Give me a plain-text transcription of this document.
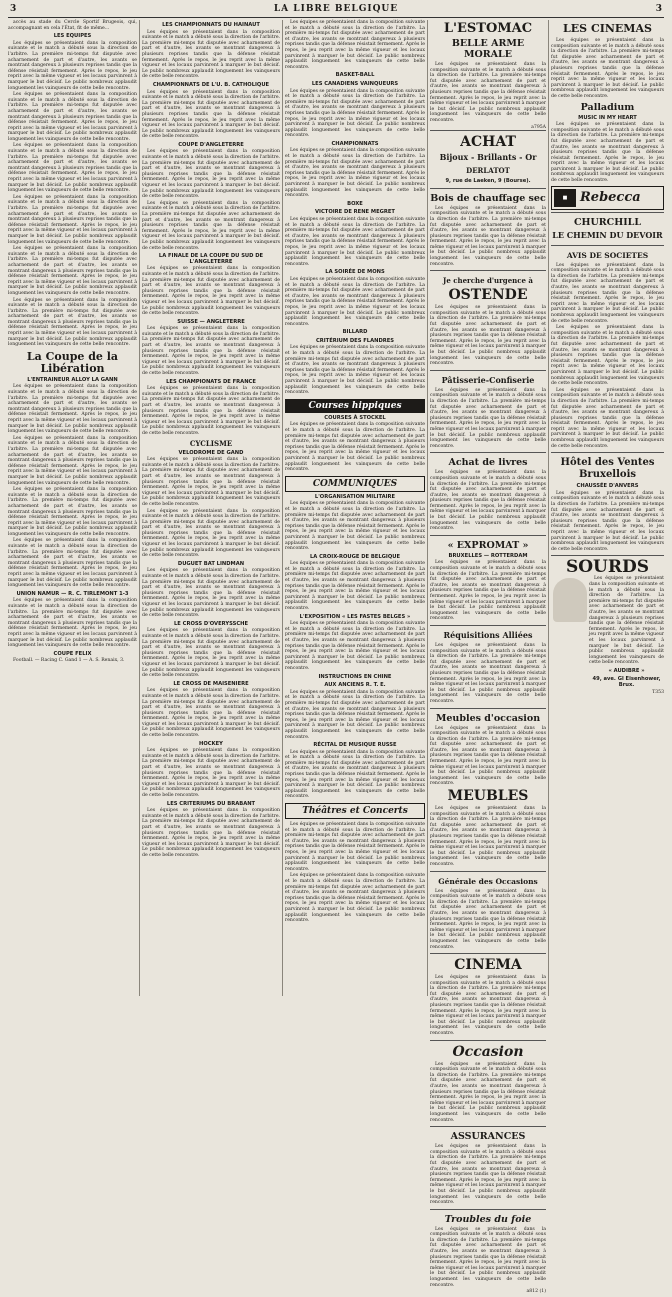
3	LA LIBRE BELGIQUE	3

accès au stade du Cercle Sportif Brugeois, qui, accompagnant en cela l'État, fit de même...

LES EQUIPES

Les équipes se présentaient dans la composition suivante et le match a débuté sous la direction de l'arbitre. La première mi-temps fut disputée avec acharnement de part et d'autre, les avants se montrant dangereux à plusieurs reprises tandis que la défense résistait fermement. Après le repos, le jeu reprit avec la même vigueur et les locaux parvinrent à marquer le but décisif. Le public nombreux applaudit longuement les vainqueurs de cette belle rencontre.

Les équipes se présentaient dans la composition suivante et le match a débuté sous la direction de l'arbitre. La première mi-temps fut disputée avec acharnement de part et d'autre, les avants se montrant dangereux à plusieurs reprises tandis que la défense résistait fermement. Après le repos, le jeu reprit avec la même vigueur et les locaux parvinrent à marquer le but décisif. Le public nombreux applaudit longuement les vainqueurs de cette belle rencontre.

Les équipes se présentaient dans la composition suivante et le match a débuté sous la direction de l'arbitre. La première mi-temps fut disputée avec acharnement de part et d'autre, les avants se montrant dangereux à plusieurs reprises tandis que la défense résistait fermement. Après le repos, le jeu reprit avec la même vigueur et les locaux parvinrent à marquer le but décisif. Le public nombreux applaudit longuement les vainqueurs de cette belle rencontre.

Les équipes se présentaient dans la composition suivante et le match a débuté sous la direction de l'arbitre. La première mi-temps fut disputée avec acharnement de part et d'autre, les avants se montrant dangereux à plusieurs reprises tandis que la défense résistait fermement. Après le repos, le jeu reprit avec la même vigueur et les locaux parvinrent à marquer le but décisif. Le public nombreux applaudit longuement les vainqueurs de cette belle rencontre.

Les équipes se présentaient dans la composition suivante et le match a débuté sous la direction de l'arbitre. La première mi-temps fut disputée avec acharnement de part et d'autre, les avants se montrant dangereux à plusieurs reprises tandis que la défense résistait fermement. Après le repos, le jeu reprit avec la même vigueur et les locaux parvinrent à marquer le but décisif. Le public nombreux applaudit longuement les vainqueurs de cette belle rencontre.

Les équipes se présentaient dans la composition suivante et le match a débuté sous la direction de l'arbitre. La première mi-temps fut disputée avec acharnement de part et d'autre, les avants se montrant dangereux à plusieurs reprises tandis que la défense résistait fermement. Après le repos, le jeu reprit avec la même vigueur et les locaux parvinrent à marquer le but décisif. Le public nombreux applaudit longuement les vainqueurs de cette belle rencontre.

La Coupe de la Libération
L'ENTRAINEUR ALLOY LA GANN

Les équipes se présentaient dans la composition suivante et le match a débuté sous la direction de l'arbitre. La première mi-temps fut disputée avec acharnement de part et d'autre, les avants se montrant dangereux à plusieurs reprises tandis que la défense résistait fermement. Après le repos, le jeu reprit avec la même vigueur et les locaux parvinrent à marquer le but décisif. Le public nombreux applaudit longuement les vainqueurs de cette belle rencontre.

Les équipes se présentaient dans la composition suivante et le match a débuté sous la direction de l'arbitre. La première mi-temps fut disputée avec acharnement de part et d'autre, les avants se montrant dangereux à plusieurs reprises tandis que la défense résistait fermement. Après le repos, le jeu reprit avec la même vigueur et les locaux parvinrent à marquer le but décisif. Le public nombreux applaudit longuement les vainqueurs de cette belle rencontre.

Les équipes se présentaient dans la composition suivante et le match a débuté sous la direction de l'arbitre. La première mi-temps fut disputée avec acharnement de part et d'autre, les avants se montrant dangereux à plusieurs reprises tandis que la défense résistait fermement. Après le repos, le jeu reprit avec la même vigueur et les locaux parvinrent à marquer le but décisif. Le public nombreux applaudit longuement les vainqueurs de cette belle rencontre.

Les équipes se présentaient dans la composition suivante et le match a débuté sous la direction de l'arbitre. La première mi-temps fut disputée avec acharnement de part et d'autre, les avants se montrant dangereux à plusieurs reprises tandis que la défense résistait fermement. Après le repos, le jeu reprit avec la même vigueur et les locaux parvinrent à marquer le but décisif. Le public nombreux applaudit longuement les vainqueurs de cette belle rencontre.

UNION NAMUR — R. C. TIRLEMONT 1-3

Les équipes se présentaient dans la composition suivante et le match a débuté sous la direction de l'arbitre. La première mi-temps fut disputée avec acharnement de part et d'autre, les avants se montrant dangereux à plusieurs reprises tandis que la défense résistait fermement. Après le repos, le jeu reprit avec la même vigueur et les locaux parvinrent à marquer le but décisif. Le public nombreux applaudit longuement les vainqueurs de cette belle rencontre.

COUPE FELIX

Football. — Racing C. Gand 1 — A. S. Renaix, 3.

LES CHAMPIONNATS DU HAINAUT

Les équipes se présentaient dans la composition suivante et le match a débuté sous la direction de l'arbitre. La première mi-temps fut disputée avec acharnement de part et d'autre, les avants se montrant dangereux à plusieurs reprises tandis que la défense résistait fermement. Après le repos, le jeu reprit avec la même vigueur et les locaux parvinrent à marquer le but décisif. Le public nombreux applaudit longuement les vainqueurs de cette belle rencontre.

CHAMPIONNATS DE L'U. B. CATHOLIQUE

Les équipes se présentaient dans la composition suivante et le match a débuté sous la direction de l'arbitre. La première mi-temps fut disputée avec acharnement de part et d'autre, les avants se montrant dangereux à plusieurs reprises tandis que la défense résistait fermement. Après le repos, le jeu reprit avec la même vigueur et les locaux parvinrent à marquer le but décisif. Le public nombreux applaudit longuement les vainqueurs de cette belle rencontre.

COUPE D'ANGLETERRE

Les équipes se présentaient dans la composition suivante et le match a débuté sous la direction de l'arbitre. La première mi-temps fut disputée avec acharnement de part et d'autre, les avants se montrant dangereux à plusieurs reprises tandis que la défense résistait fermement. Après le repos, le jeu reprit avec la même vigueur et les locaux parvinrent à marquer le but décisif. Le public nombreux applaudit longuement les vainqueurs de cette belle rencontre.

Les équipes se présentaient dans la composition suivante et le match a débuté sous la direction de l'arbitre. La première mi-temps fut disputée avec acharnement de part et d'autre, les avants se montrant dangereux à plusieurs reprises tandis que la défense résistait fermement. Après le repos, le jeu reprit avec la même vigueur et les locaux parvinrent à marquer le but décisif. Le public nombreux applaudit longuement les vainqueurs de cette belle rencontre.

LA FINALE DE LA COUPE DU SUD DE L'ANGLETERRE

Les équipes se présentaient dans la composition suivante et le match a débuté sous la direction de l'arbitre. La première mi-temps fut disputée avec acharnement de part et d'autre, les avants se montrant dangereux à plusieurs reprises tandis que la défense résistait fermement. Après le repos, le jeu reprit avec la même vigueur et les locaux parvinrent à marquer le but décisif. Le public nombreux applaudit longuement les vainqueurs de cette belle rencontre.

SUISSE — ANGLETERRE

Les équipes se présentaient dans la composition suivante et le match a débuté sous la direction de l'arbitre. La première mi-temps fut disputée avec acharnement de part et d'autre, les avants se montrant dangereux à plusieurs reprises tandis que la défense résistait fermement. Après le repos, le jeu reprit avec la même vigueur et les locaux parvinrent à marquer le but décisif. Le public nombreux applaudit longuement les vainqueurs de cette belle rencontre.

LES CHAMPIONATS DE FRANCE

Les équipes se présentaient dans la composition suivante et le match a débuté sous la direction de l'arbitre. La première mi-temps fut disputée avec acharnement de part et d'autre, les avants se montrant dangereux à plusieurs reprises tandis que la défense résistait fermement. Après le repos, le jeu reprit avec la même vigueur et les locaux parvinrent à marquer le but décisif. Le public nombreux applaudit longuement les vainqueurs de cette belle rencontre.

CYCLISME
VELODROME DE GAND

Les équipes se présentaient dans la composition suivante et le match a débuté sous la direction de l'arbitre. La première mi-temps fut disputée avec acharnement de part et d'autre, les avants se montrant dangereux à plusieurs reprises tandis que la défense résistait fermement. Après le repos, le jeu reprit avec la même vigueur et les locaux parvinrent à marquer le but décisif. Le public nombreux applaudit longuement les vainqueurs de cette belle rencontre.

Les équipes se présentaient dans la composition suivante et le match a débuté sous la direction de l'arbitre. La première mi-temps fut disputée avec acharnement de part et d'autre, les avants se montrant dangereux à plusieurs reprises tandis que la défense résistait fermement. Après le repos, le jeu reprit avec la même vigueur et les locaux parvinrent à marquer le but décisif. Le public nombreux applaudit longuement les vainqueurs de cette belle rencontre.

DUGUET BAT LINDMAN

Les équipes se présentaient dans la composition suivante et le match a débuté sous la direction de l'arbitre. La première mi-temps fut disputée avec acharnement de part et d'autre, les avants se montrant dangereux à plusieurs reprises tandis que la défense résistait fermement. Après le repos, le jeu reprit avec la même vigueur et les locaux parvinrent à marquer le but décisif. Le public nombreux applaudit longuement les vainqueurs de cette belle rencontre.

LE CROSS D'OVERYSSCHE

Les équipes se présentaient dans la composition suivante et le match a débuté sous la direction de l'arbitre. La première mi-temps fut disputée avec acharnement de part et d'autre, les avants se montrant dangereux à plusieurs reprises tandis que la défense résistait fermement. Après le repos, le jeu reprit avec la même vigueur et les locaux parvinrent à marquer le but décisif. Le public nombreux applaudit longuement les vainqueurs de cette belle rencontre.

LE CROSS DE MAISENIERE

Les équipes se présentaient dans la composition suivante et le match a débuté sous la direction de l'arbitre. La première mi-temps fut disputée avec acharnement de part et d'autre, les avants se montrant dangereux à plusieurs reprises tandis que la défense résistait fermement. Après le repos, le jeu reprit avec la même vigueur et les locaux parvinrent à marquer le but décisif. Le public nombreux applaudit longuement les vainqueurs de cette belle rencontre.

HOCKEY

Les équipes se présentaient dans la composition suivante et le match a débuté sous la direction de l'arbitre. La première mi-temps fut disputée avec acharnement de part et d'autre, les avants se montrant dangereux à plusieurs reprises tandis que la défense résistait fermement. Après le repos, le jeu reprit avec la même vigueur et les locaux parvinrent à marquer le but décisif. Le public nombreux applaudit longuement les vainqueurs de cette belle rencontre.

LES CRITERIUMS DU BRABANT

Les équipes se présentaient dans la composition suivante et le match a débuté sous la direction de l'arbitre. La première mi-temps fut disputée avec acharnement de part et d'autre, les avants se montrant dangereux à plusieurs reprises tandis que la défense résistait fermement. Après le repos, le jeu reprit avec la même vigueur et les locaux parvinrent à marquer le but décisif. Le public nombreux applaudit longuement les vainqueurs de cette belle rencontre.

Les équipes se présentaient dans la composition suivante et le match a débuté sous la direction de l'arbitre. La première mi-temps fut disputée avec acharnement de part et d'autre, les avants se montrant dangereux à plusieurs reprises tandis que la défense résistait fermement. Après le repos, le jeu reprit avec la même vigueur et les locaux parvinrent à marquer le but décisif. Le public nombreux applaudit longuement les vainqueurs de cette belle rencontre.

BASKET-BALL
LES CANADIENS VAINQUEURS

Les équipes se présentaient dans la composition suivante et le match a débuté sous la direction de l'arbitre. La première mi-temps fut disputée avec acharnement de part et d'autre, les avants se montrant dangereux à plusieurs reprises tandis que la défense résistait fermement. Après le repos, le jeu reprit avec la même vigueur et les locaux parvinrent à marquer le but décisif. Le public nombreux applaudit longuement les vainqueurs de cette belle rencontre.

CHAMPIONNATS

Les équipes se présentaient dans la composition suivante et le match a débuté sous la direction de l'arbitre. La première mi-temps fut disputée avec acharnement de part et d'autre, les avants se montrant dangereux à plusieurs reprises tandis que la défense résistait fermement. Après le repos, le jeu reprit avec la même vigueur et les locaux parvinrent à marquer le but décisif. Le public nombreux applaudit longuement les vainqueurs de cette belle rencontre.

BOXE
VICTOIRE DE RENE MEGRET

Les équipes se présentaient dans la composition suivante et le match a débuté sous la direction de l'arbitre. La première mi-temps fut disputée avec acharnement de part et d'autre, les avants se montrant dangereux à plusieurs reprises tandis que la défense résistait fermement. Après le repos, le jeu reprit avec la même vigueur et les locaux parvinrent à marquer le but décisif. Le public nombreux applaudit longuement les vainqueurs de cette belle rencontre.

LA SOIRÉE DE MONS

Les équipes se présentaient dans la composition suivante et le match a débuté sous la direction de l'arbitre. La première mi-temps fut disputée avec acharnement de part et d'autre, les avants se montrant dangereux à plusieurs reprises tandis que la défense résistait fermement. Après le repos, le jeu reprit avec la même vigueur et les locaux parvinrent à marquer le but décisif. Le public nombreux applaudit longuement les vainqueurs de cette belle rencontre.

BILLARD
CRITÉRIUM DES FLANDRES

Les équipes se présentaient dans la composition suivante et le match a débuté sous la direction de l'arbitre. La première mi-temps fut disputée avec acharnement de part et d'autre, les avants se montrant dangereux à plusieurs reprises tandis que la défense résistait fermement. Après le repos, le jeu reprit avec la même vigueur et les locaux parvinrent à marquer le but décisif. Le public nombreux applaudit longuement les vainqueurs de cette belle rencontre.

Courses hippiques
COURSES À STOCKEL

Les équipes se présentaient dans la composition suivante et le match a débuté sous la direction de l'arbitre. La première mi-temps fut disputée avec acharnement de part et d'autre, les avants se montrant dangereux à plusieurs reprises tandis que la défense résistait fermement. Après le repos, le jeu reprit avec la même vigueur et les locaux parvinrent à marquer le but décisif. Le public nombreux applaudit longuement les vainqueurs de cette belle rencontre.

COMMUNIQUES
L'ORGANISATION MILITAIRE

Les équipes se présentaient dans la composition suivante et le match a débuté sous la direction de l'arbitre. La première mi-temps fut disputée avec acharnement de part et d'autre, les avants se montrant dangereux à plusieurs reprises tandis que la défense résistait fermement. Après le repos, le jeu reprit avec la même vigueur et les locaux parvinrent à marquer le but décisif. Le public nombreux applaudit longuement les vainqueurs de cette belle rencontre.

LA CROIX-ROUGE DE BELGIQUE

Les équipes se présentaient dans la composition suivante et le match a débuté sous la direction de l'arbitre. La première mi-temps fut disputée avec acharnement de part et d'autre, les avants se montrant dangereux à plusieurs reprises tandis que la défense résistait fermement. Après le repos, le jeu reprit avec la même vigueur et les locaux parvinrent à marquer le but décisif. Le public nombreux applaudit longuement les vainqueurs de cette belle rencontre.

L'EXPOSITION « LES FASTES BELGES »

Les équipes se présentaient dans la composition suivante et le match a débuté sous la direction de l'arbitre. La première mi-temps fut disputée avec acharnement de part et d'autre, les avants se montrant dangereux à plusieurs reprises tandis que la défense résistait fermement. Après le repos, le jeu reprit avec la même vigueur et les locaux parvinrent à marquer le but décisif. Le public nombreux applaudit longuement les vainqueurs de cette belle rencontre.

INSTRUCTIONS EN CHINE
AUX ANCIENS R. T. E.

Les équipes se présentaient dans la composition suivante et le match a débuté sous la direction de l'arbitre. La première mi-temps fut disputée avec acharnement de part et d'autre, les avants se montrant dangereux à plusieurs reprises tandis que la défense résistait fermement. Après le repos, le jeu reprit avec la même vigueur et les locaux parvinrent à marquer le but décisif. Le public nombreux applaudit longuement les vainqueurs de cette belle rencontre.

RÉCITAL DE MUSIQUE RUSSE

Les équipes se présentaient dans la composition suivante et le match a débuté sous la direction de l'arbitre. La première mi-temps fut disputée avec acharnement de part et d'autre, les avants se montrant dangereux à plusieurs reprises tandis que la défense résistait fermement. Après le repos, le jeu reprit avec la même vigueur et les locaux parvinrent à marquer le but décisif. Le public nombreux applaudit longuement les vainqueurs de cette belle rencontre.

Théâtres et Concerts

Les équipes se présentaient dans la composition suivante et le match a débuté sous la direction de l'arbitre. La première mi-temps fut disputée avec acharnement de part et d'autre, les avants se montrant dangereux à plusieurs reprises tandis que la défense résistait fermement. Après le repos, le jeu reprit avec la même vigueur et les locaux parvinrent à marquer le but décisif. Le public nombreux applaudit longuement les vainqueurs de cette belle rencontre.

Les équipes se présentaient dans la composition suivante et le match a débuté sous la direction de l'arbitre. La première mi-temps fut disputée avec acharnement de part et d'autre, les avants se montrant dangereux à plusieurs reprises tandis que la défense résistait fermement. Après le repos, le jeu reprit avec la même vigueur et les locaux parvinrent à marquer le but décisif. Le public nombreux applaudit longuement les vainqueurs de cette belle rencontre.

L'ESTOMAC
BELLE ARME MORALE

Les équipes se présentaient dans la composition suivante et le match a débuté sous la direction de l'arbitre. La première mi-temps fut disputée avec acharnement de part et d'autre, les avants se montrant dangereux à plusieurs reprises tandis que la défense résistait fermement. Après le repos, le jeu reprit avec la même vigueur et les locaux parvinrent à marquer le but décisif. Le public nombreux applaudit longuement les vainqueurs de cette belle rencontre.

a795A
ACHAT
Bijoux - Brillants - Or
DERLATOT
9, rue de Laeken, 9 (Bourse).
Bois de chauffage sec

Les équipes se présentaient dans la composition suivante et le match a débuté sous la direction de l'arbitre. La première mi-temps fut disputée avec acharnement de part et d'autre, les avants se montrant dangereux à plusieurs reprises tandis que la défense résistait fermement. Après le repos, le jeu reprit avec la même vigueur et les locaux parvinrent à marquer le but décisif. Le public nombreux applaudit longuement les vainqueurs de cette belle rencontre.

Je cherche d'urgence à
OSTENDE

Les équipes se présentaient dans la composition suivante et le match a débuté sous la direction de l'arbitre. La première mi-temps fut disputée avec acharnement de part et d'autre, les avants se montrant dangereux à plusieurs reprises tandis que la défense résistait fermement. Après le repos, le jeu reprit avec la même vigueur et les locaux parvinrent à marquer le but décisif. Le public nombreux applaudit longuement les vainqueurs de cette belle rencontre.

Pâtisserie-Confiserie

Les équipes se présentaient dans la composition suivante et le match a débuté sous la direction de l'arbitre. La première mi-temps fut disputée avec acharnement de part et d'autre, les avants se montrant dangereux à plusieurs reprises tandis que la défense résistait fermement. Après le repos, le jeu reprit avec la même vigueur et les locaux parvinrent à marquer le but décisif. Le public nombreux applaudit longuement les vainqueurs de cette belle rencontre.

Achat de livres

Les équipes se présentaient dans la composition suivante et le match a débuté sous la direction de l'arbitre. La première mi-temps fut disputée avec acharnement de part et d'autre, les avants se montrant dangereux à plusieurs reprises tandis que la défense résistait fermement. Après le repos, le jeu reprit avec la même vigueur et les locaux parvinrent à marquer le but décisif. Le public nombreux applaudit longuement les vainqueurs de cette belle rencontre.

« EXPROMAT »
BRUXELLES — ROTTERDAM

Les équipes se présentaient dans la composition suivante et le match a débuté sous la direction de l'arbitre. La première mi-temps fut disputée avec acharnement de part et d'autre, les avants se montrant dangereux à plusieurs reprises tandis que la défense résistait fermement. Après le repos, le jeu reprit avec la même vigueur et les locaux parvinrent à marquer le but décisif. Le public nombreux applaudit longuement les vainqueurs de cette belle rencontre.

Réquisitions Alliées

Les équipes se présentaient dans la composition suivante et le match a débuté sous la direction de l'arbitre. La première mi-temps fut disputée avec acharnement de part et d'autre, les avants se montrant dangereux à plusieurs reprises tandis que la défense résistait fermement. Après le repos, le jeu reprit avec la même vigueur et les locaux parvinrent à marquer le but décisif. Le public nombreux applaudit longuement les vainqueurs de cette belle rencontre.

Meubles d'occasion

Les équipes se présentaient dans la composition suivante et le match a débuté sous la direction de l'arbitre. La première mi-temps fut disputée avec acharnement de part et d'autre, les avants se montrant dangereux à plusieurs reprises tandis que la défense résistait fermement. Après le repos, le jeu reprit avec la même vigueur et les locaux parvinrent à marquer le but décisif. Le public nombreux applaudit longuement les vainqueurs de cette belle rencontre.

MEUBLES

Les équipes se présentaient dans la composition suivante et le match a débuté sous la direction de l'arbitre. La première mi-temps fut disputée avec acharnement de part et d'autre, les avants se montrant dangereux à plusieurs reprises tandis que la défense résistait fermement. Après le repos, le jeu reprit avec la même vigueur et les locaux parvinrent à marquer le but décisif. Le public nombreux applaudit longuement les vainqueurs de cette belle rencontre.

Générale des Occasions

Les équipes se présentaient dans la composition suivante et le match a débuté sous la direction de l'arbitre. La première mi-temps fut disputée avec acharnement de part et d'autre, les avants se montrant dangereux à plusieurs reprises tandis que la défense résistait fermement. Après le repos, le jeu reprit avec la même vigueur et les locaux parvinrent à marquer le but décisif. Le public nombreux applaudit longuement les vainqueurs de cette belle rencontre.

CINEMA

Les équipes se présentaient dans la composition suivante et le match a débuté sous la direction de l'arbitre. La première mi-temps fut disputée avec acharnement de part et d'autre, les avants se montrant dangereux à plusieurs reprises tandis que la défense résistait fermement. Après le repos, le jeu reprit avec la même vigueur et les locaux parvinrent à marquer le but décisif. Le public nombreux applaudit longuement les vainqueurs de cette belle rencontre.

Occasion

Les équipes se présentaient dans la composition suivante et le match a débuté sous la direction de l'arbitre. La première mi-temps fut disputée avec acharnement de part et d'autre, les avants se montrant dangereux à plusieurs reprises tandis que la défense résistait fermement. Après le repos, le jeu reprit avec la même vigueur et les locaux parvinrent à marquer le but décisif. Le public nombreux applaudit longuement les vainqueurs de cette belle rencontre.

ASSURANCES

Les équipes se présentaient dans la composition suivante et le match a débuté sous la direction de l'arbitre. La première mi-temps fut disputée avec acharnement de part et d'autre, les avants se montrant dangereux à plusieurs reprises tandis que la défense résistait fermement. Après le repos, le jeu reprit avec la même vigueur et les locaux parvinrent à marquer le but décisif. Le public nombreux applaudit longuement les vainqueurs de cette belle rencontre.

Troubles du foie

Les équipes se présentaient dans la composition suivante et le match a débuté sous la direction de l'arbitre. La première mi-temps fut disputée avec acharnement de part et d'autre, les avants se montrant dangereux à plusieurs reprises tandis que la défense résistait fermement. Après le repos, le jeu reprit avec la même vigueur et les locaux parvinrent à marquer le but décisif. Le public nombreux applaudit longuement les vainqueurs de cette belle rencontre.

a812 (1)
LES CINEMAS

Les équipes se présentaient dans la composition suivante et le match a débuté sous la direction de l'arbitre. La première mi-temps fut disputée avec acharnement de part et d'autre, les avants se montrant dangereux à plusieurs reprises tandis que la défense résistait fermement. Après le repos, le jeu reprit avec la même vigueur et les locaux parvinrent à marquer le but décisif. Le public nombreux applaudit longuement les vainqueurs de cette belle rencontre.

Palladium
MUSIC IN MY HEART

Les équipes se présentaient dans la composition suivante et le match a débuté sous la direction de l'arbitre. La première mi-temps fut disputée avec acharnement de part et d'autre, les avants se montrant dangereux à plusieurs reprises tandis que la défense résistait fermement. Après le repos, le jeu reprit avec la même vigueur et les locaux parvinrent à marquer le but décisif. Le public nombreux applaudit longuement les vainqueurs de cette belle rencontre.

■ Rebecca
CHURCHILL
LE CHEMIN DU DEVOIR
AVIS DE SOCIETES

Les équipes se présentaient dans la composition suivante et le match a débuté sous la direction de l'arbitre. La première mi-temps fut disputée avec acharnement de part et d'autre, les avants se montrant dangereux à plusieurs reprises tandis que la défense résistait fermement. Après le repos, le jeu reprit avec la même vigueur et les locaux parvinrent à marquer le but décisif. Le public nombreux applaudit longuement les vainqueurs de cette belle rencontre.

Les équipes se présentaient dans la composition suivante et le match a débuté sous la direction de l'arbitre. La première mi-temps fut disputée avec acharnement de part et d'autre, les avants se montrant dangereux à plusieurs reprises tandis que la défense résistait fermement. Après le repos, le jeu reprit avec la même vigueur et les locaux parvinrent à marquer le but décisif. Le public nombreux applaudit longuement les vainqueurs de cette belle rencontre.

Les équipes se présentaient dans la composition suivante et le match a débuté sous la direction de l'arbitre. La première mi-temps fut disputée avec acharnement de part et d'autre, les avants se montrant dangereux à plusieurs reprises tandis que la défense résistait fermement. Après le repos, le jeu reprit avec la même vigueur et les locaux parvinrent à marquer le but décisif. Le public nombreux applaudit longuement les vainqueurs de cette belle rencontre.

Hôtel des Ventes Bruxellois
CHAUSSÉE D'ANVERS

Les équipes se présentaient dans la composition suivante et le match a débuté sous la direction de l'arbitre. La première mi-temps fut disputée avec acharnement de part et d'autre, les avants se montrant dangereux à plusieurs reprises tandis que la défense résistait fermement. Après le repos, le jeu reprit avec la même vigueur et les locaux parvinrent à marquer le but décisif. Le public nombreux applaudit longuement les vainqueurs de cette belle rencontre.

SOURDS

Les équipes se présentaient dans la composition suivante et le match a débuté sous la direction de l'arbitre. La première mi-temps fut disputée avec acharnement de part et d'autre, les avants se montrant dangereux à plusieurs reprises tandis que la défense résistait fermement. Après le repos, le jeu reprit avec la même vigueur et les locaux parvinrent à marquer le but décisif. Le public nombreux applaudit longuement les vainqueurs de cette belle rencontre.

« AUDIBRE »
49, ave. Gl Eisenhower, Brux.
T353
